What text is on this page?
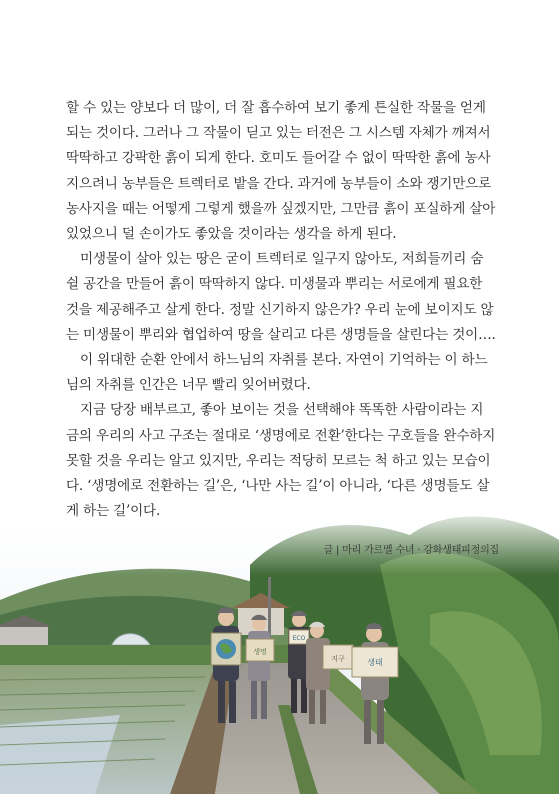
할 수 있는 양보다 더 많이, 더 잘 흡수하여 보기 좋게 튼실한 작물을 얻게
되는 것이다. 그러나 그 작물이 딛고 있는 터전은 그 시스템 자체가 깨져서
딱딱하고 강팍한 흙이 되게 한다. 호미도 들어갈 수 없이 딱딱한 흙에 농사
지으려니 농부들은 트렉터로 밭을 간다. 과거에 농부들이 소와 쟁기만으로
농사지을 때는 어떻게 그렇게 했을까 싶겠지만, 그만큼 흙이 포실하게 살아
있었으니 덜 손이가도 좋았을 것이라는 생각을 하게 된다.

미생물이 살아 있는 땅은 굳이 트렉터로 일구지 않아도, 저희들끼리 숨
쉴 공간을 만들어 흙이 딱딱하지 않다. 미생물과 뿌리는 서로에게 필요한
것을 제공해주고 살게 한다. 정말 신기하지 않은가? 우리 눈에 보이지도 않
는 미생물이 뿌리와 협업하여 땅을 살리고 다른 생명들을 살린다는 것이….

이 위대한 순환 안에서 하느님의 자취를 본다. 자연이 기억하는 이 하느
님의 자취를 인간은 너무 빨리 잊어버렸다.

지금 당장 배부르고, 좋아 보이는 것을 선택해야 똑똑한 사람이라는 지
금의 우리의 사고 구조는 절대로 ‘생명에로 전환’한다는 구호들을 완수하지
못할 것을 우리는 알고 있지만, 우리는 적당히 모르는 척 하고 있는 모습이
다. ‘생명에로 전환하는 길’은, ‘나만 사는 길’이 아니라, ‘다른 생명들도 살
게 하는 길’이다.

글 | 마리 가르멜 수녀 · 강화생태피정의집
생명
ECO
지구	생태
